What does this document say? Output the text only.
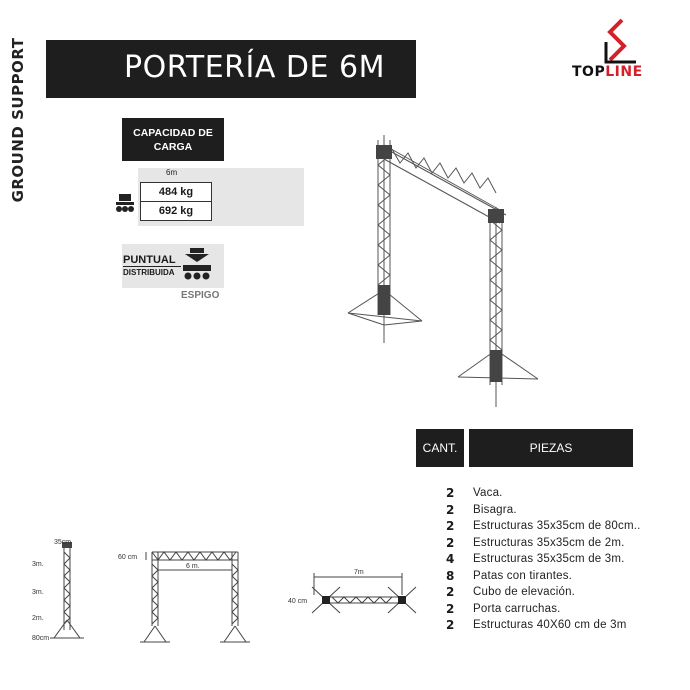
GROUND SUPPORT	PORTERÍA DE 6M	TOPLINE
CAPACIDAD DE CARGA
6m
484 kg
692 kg
PUNTUAL
DISTRIBUIDA
ESPIGO
CANT.	PIEZAS
2	Vaca.
2	Bisagra.
2	Estructuras 35x35cm de 80cm..
2	Estructuras 35x35cm de 2m.
4	Estructuras 35x35cm de 3m.
8	Patas con tirantes.
2	Cubo de elevación.
2	Porta carruchas.
2	Estructuras 40X60 cm de 3m
35cm
3m.
3m.
2m.
80cm
60 cm
6 m.
7m
40 cm
